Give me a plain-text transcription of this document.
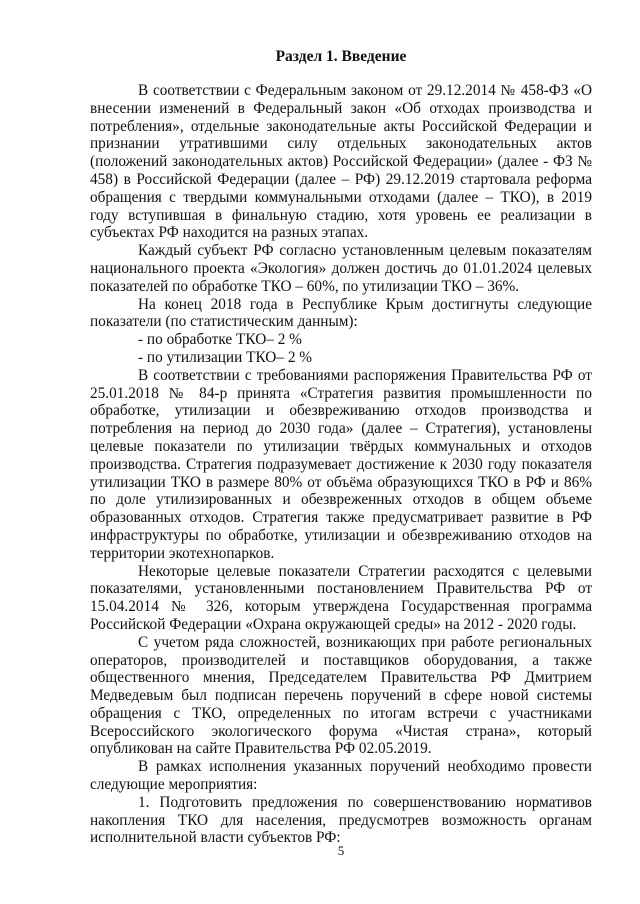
Раздел 1. Введение

В соответствии с Федеральным законом от 29.12.2014 № 458-ФЗ «О внесении изменений в Федеральный закон «Об отходах производства и потребления», отдельные законодательные акты Российской Федерации и признании утратившими силу отдельных законодательных актов (положений законодательных актов) Российской Федерации» (далее - ФЗ № 458) в Российской Федерации (далее – РФ) 29.12.2019 стартовала реформа обращения с твердыми коммунальными отходами (далее – ТКО), в 2019 году вступившая в финальную стадию, хотя уровень ее реализации в субъектах РФ находится на разных этапах.

Каждый субъект РФ согласно установленным целевым показателям национального проекта «Экология» должен достичь до 01.01.2024 целевых показателей по обработке ТКО – 60%, по утилизации ТКО – 36%.

На конец 2018 года в Республике Крым достигнуты следующие показатели (по статистическим данным):

- по обработке ТКО– 2 %

- по утилизации ТКО– 2 %

В соответствии с требованиями распоряжения Правительства РФ от 25.01.2018 № 84-р принята «Стратегия развития промышленности по обработке, утилизации и обезвреживанию отходов производства и потребления на период до 2030 года» (далее – Стратегия), установлены целевые показатели по утилизации твёрдых коммунальных и отходов производства. Стратегия подразумевает достижение к 2030 году показателя утилизации ТКО в размере 80% от объёма образующихся ТКО в РФ и 86% по доле утилизированных и обезвреженных отходов в общем объеме образованных отходов. Стратегия также предусматривает развитие в РФ инфраструктуры по обработке, утилизации и обезвреживанию отходов на территории экотехнопарков.

Некоторые целевые показатели Стратегии расходятся с целевыми показателями, установленными постановлением Правительства РФ от 15.04.2014 № 326, которым утверждена Государственная программа Российской Федерации «Охрана окружающей среды» на 2012 - 2020 годы.

С учетом ряда сложностей, возникающих при работе региональных операторов, производителей и поставщиков оборудования, а также общественного мнения, Председателем Правительства РФ Дмитрием Медведевым был подписан перечень поручений в сфере новой системы обращения с ТКО, определенных по итогам встречи с участниками Всероссийского экологического форума «Чистая страна», который опубликован на сайте Правительства РФ 02.05.2019.

В рамках исполнения указанных поручений необходимо провести следующие мероприятия:

1. Подготовить предложения по совершенствованию нормативов накопления ТКО для населения, предусмотрев возможность органам исполнительной власти субъектов РФ:

5
